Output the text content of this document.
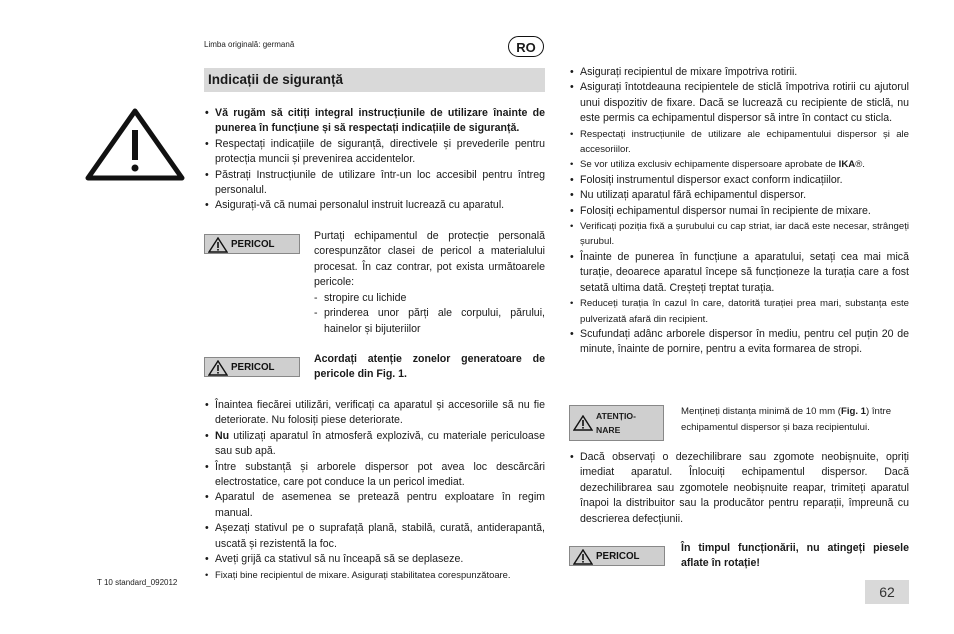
Limba originală: germană	RO
Indicații de siguranță
• Vă rugăm să citiți integral instrucțiunile de utilizare înainte de punerea în funcțiune și să respectați indicațiile de siguranță.
• Respectați indicațiile de siguranță, directivele și prevederile pentru protecția muncii și prevenirea accidentelor.
• Păstrați Instrucțiunile de utilizare într-un loc accesibil pentru întreg personalul.
• Asigurați-vă că numai personalul instruit lucrează cu aparatul.
PERICOL
Purtați echipamentul de protecție personală corespunzător clasei de pericol a materialului procesat. În caz contrar, pot exista următoarele pericole:
- stropire cu lichide
- prinderea unor părți ale corpului, părului, hainelor și bijuteriilor
PERICOL
Acordați atenție zonelor generatoare de pericole din Fig. 1.
• Înaintea fiecărei utilizări, verificați ca aparatul și accesoriile să nu fie deteriorate. Nu folosiți piese deteriorate.
• Nu utilizați aparatul în atmosferă explozivă, cu materiale periculoase sau sub apă.
• Între substanță și arborele dispersor pot avea loc descărcări electrostatice, care pot conduce la un pericol imediat.
• Aparatul de asemenea se pretează pentru exploatare în regim manual.
• Așezați stativul pe o suprafață plană, stabilă, curată, antiderapantă, uscată și rezistentă la foc.
• Aveți grijă ca stativul să nu înceapă să se deplaseze.
• Fixați bine recipientul de mixare. Asigurați stabilitatea corespunzătoare.
• Asigurați recipientul de mixare împotriva rotirii.
• Asigurați întotdeauna recipientele de sticlă împotriva rotirii cu ajutorul unui dispozitiv de fixare. Dacă se lucrează cu recipiente de sticlă, nu este permis ca echipamentul dispersor să intre în contact cu sticla.
• Respectați instrucțiunile de utilizare ale echipamentului dispersor și ale accesoriilor.
• Se vor utiliza exclusiv echipamente dispersoare aprobate de IKA®.
• Folosiți instrumentul dispersor exact conform indicațiilor.
• Nu utilizați aparatul fără echipamentul dispersor.
• Folosiți echipamentul dispersor numai în recipiente de mixare.
• Verificați poziția fixă a șurubului cu cap striat, iar dacă este necesar, strângeți șurubul.
• Înainte de punerea în funcțiune a aparatului, setați cea mai mică turație, deoarece aparatul începe să funcționeze la turația care a fost setată ultima dată. Creșteți treptat turația.
• Reduceți turația în cazul în care, datorită turației prea mari, substanța este pulverizată afară din recipient.
• Scufundați adânc arborele dispersor în mediu, pentru cel puțin 20 de minute, înainte de pornire, pentru a evita formarea de stropi.
ATENȚIO-
NARE
Mențineți distanța minimă de 10 mm (Fig. 1) între echipamentul dispersor și baza recipientului.
• Dacă observați o dezechilibrare sau zgomote neobișnuite, opriți imediat aparatul. Înlocuiți echipamentul dispersor. Dacă dezechilibrarea sau zgomotele neobișnuite reapar, trimiteți aparatul înapoi la distribuitor sau la producător pentru reparații, împreună cu descrierea defecțiunii.
PERICOL
În timpul funcționării, nu atingeți piesele aflate în rotație!
T 10 standard_092012
62
